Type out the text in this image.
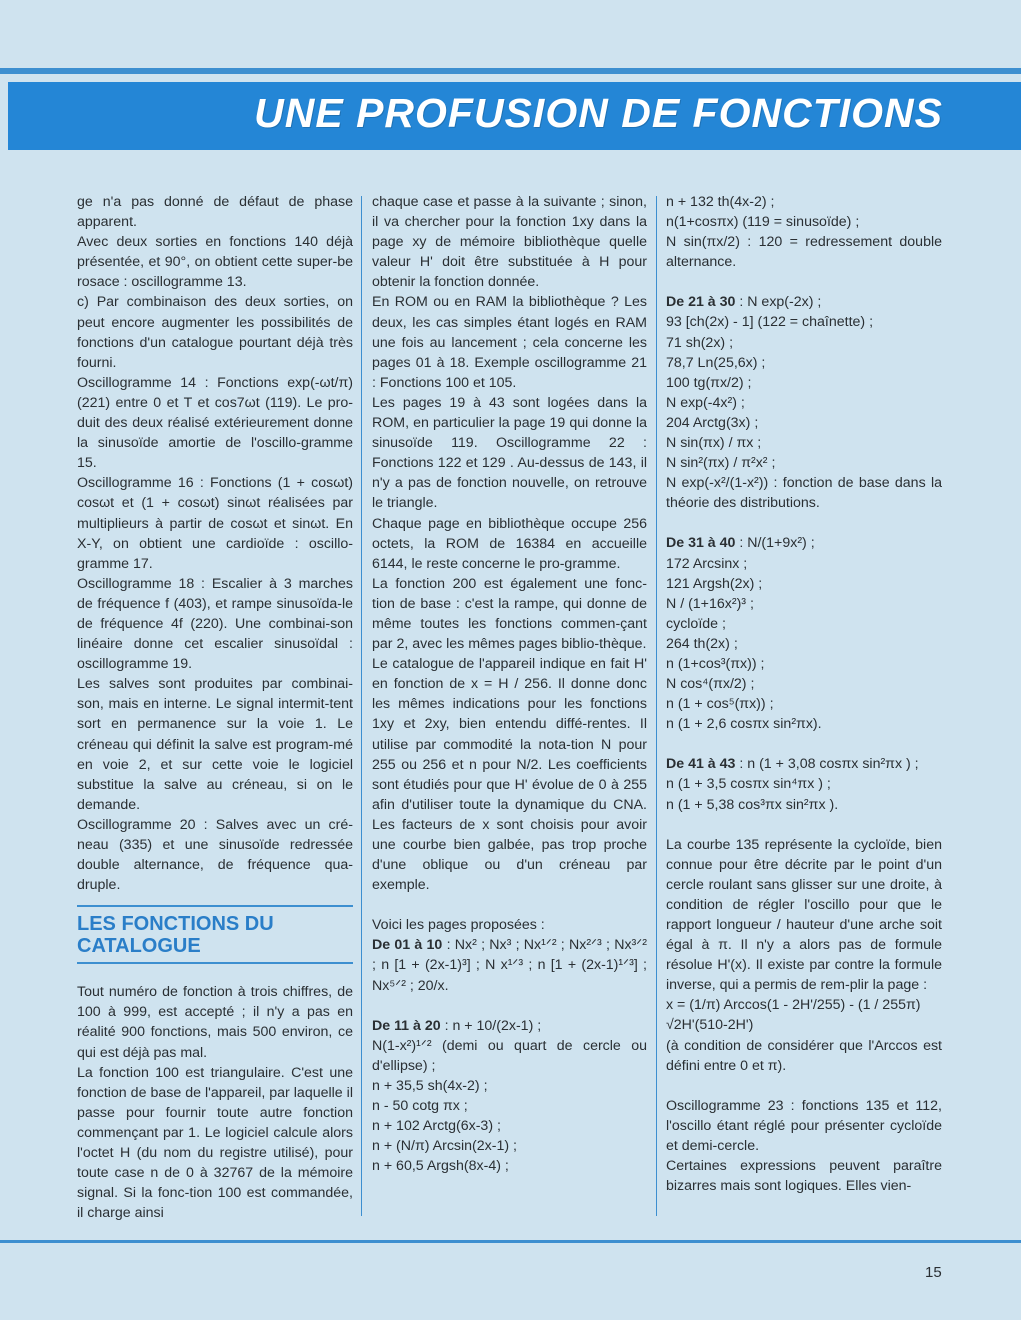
UNE PROFUSION DE FONCTIONS

ge n'a pas donné de défaut de phase apparent.

Avec deux sorties en fonctions 140 déjà présentée, et 90°, on obtient cette super-be rosace : oscillogramme 13.

c) Par combinaison des deux sorties, on peut encore augmenter les possibilités de fonctions d'un catalogue pourtant déjà très fourni.

Oscillogramme 14 : Fonctions exp(-ωt/π) (221) entre 0 et T et cos7ωt (119). Le pro-duit des deux réalisé extérieurement donne la sinusoïde amortie de l'oscillo-gramme 15.

Oscillogramme 16 : Fonctions (1 + cosωt) cosωt et (1 + cosωt) sinωt réalisées par multiplieurs à partir de cosωt et sinωt. En X-Y, on obtient une cardioïde : oscillo-gramme 17.

Oscillogramme 18 : Escalier à 3 marches de fréquence f (403), et rampe sinusoïda-le de fréquence 4f (220). Une combinai-son linéaire donne cet escalier sinusoïdal : oscillogramme 19.

Les salves sont produites par combinai-son, mais en interne. Le signal intermit-tent sort en permanence sur la voie 1. Le créneau qui définit la salve est program-mé en voie 2, et sur cette voie le logiciel substitue la salve au créneau, si on le demande.

Oscillogramme 20 : Salves avec un cré-neau (335) et une sinusoïde redressée double alternance, de fréquence qua-druple.

LES FONCTIONS DU
CATALOGUE

Tout numéro de fonction à trois chiffres, de 100 à 999, est accepté ; il n'y a pas en réalité 900 fonctions, mais 500 environ, ce qui est déjà pas mal.

La fonction 100 est triangulaire. C'est une fonction de base de l'appareil, par laquelle il passe pour fournir toute autre fonction commençant par 1. Le logiciel calcule alors l'octet H (du nom du registre utilisé), pour toute case n de 0 à 32767 de la mémoire signal. Si la fonc-tion 100 est commandée, il charge ainsi

chaque case et passe à la suivante ; sinon, il va chercher pour la fonction 1xy dans la page xy de mémoire bibliothèque quelle valeur H' doit être substituée à H pour obtenir la fonction donnée.

En ROM ou en RAM la bibliothèque ? Les deux, les cas simples étant logés en RAM une fois au lancement ; cela concerne les pages 01 à 18. Exemple oscillogramme 21 : Fonctions 100 et 105.

Les pages 19 à 43 sont logées dans la ROM, en particulier la page 19 qui donne la sinusoïde 119. Oscillogramme 22 : Fonctions 122 et 129 . Au-dessus de 143, il n'y a pas de fonction nouvelle, on retrouve le triangle.

Chaque page en bibliothèque occupe 256 octets, la ROM de 16384 en accueille 6144, le reste concerne le pro-gramme.

La fonction 200 est également une fonc-tion de base : c'est la rampe, qui donne de même toutes les fonctions commen-çant par 2, avec les mêmes pages biblio-thèque.

Le catalogue de l'appareil indique en fait H' en fonction de x = H / 256. Il donne donc les mêmes indications pour les fonctions 1xy et 2xy, bien entendu diffé-rentes. Il utilise par commodité la nota-tion N pour 255 ou 256 et n pour N/2. Les coefficients sont étudiés pour que H' évolue de 0 à 255 afin d'utiliser toute la dynamique du CNA. Les facteurs de x sont choisis pour avoir une courbe bien galbée, pas trop proche d'une oblique ou d'un créneau par exemple.

Voici les pages proposées :

De 01 à 10 : Nx² ; Nx³ ; Nx¹ᐟ² ; Nx²ᐟ³ ; Nx³ᐟ² ; n [1 + (2x-1)³] ; N x¹ᐟ³ ; n [1 + (2x-1)¹ᐟ³] ; Nx⁵ᐟ² ; 20/x.

De 11 à 20 : n + 10/(2x-1) ;

N(1-x²)¹ᐟ² (demi ou quart de cercle ou d'ellipse) ;

n + 35,5 sh(4x-2) ;

n - 50 cotg πx ;

n + 102 Arctg(6x-3) ;

n + (N/π) Arcsin(2x-1) ;

n + 60,5 Argsh(8x-4) ;

n + 132 th(4x-2) ;

n(1+cosπx) (119 = sinusoïde) ;

N sin(πx/2) : 120 = redressement double alternance.

De 21 à 30 : N exp(-2x) ;

93 [ch(2x) - 1] (122 = chaînette) ;

71 sh(2x) ;

78,7 Ln(25,6x) ;

100 tg(πx/2) ;

N exp(-4x²) ;

204 Arctg(3x) ;

N sin(πx) / πx ;

N sin²(πx) / π²x² ;

N exp(-x²/(1-x²)) : fonction de base dans la théorie des distributions.

De 31 à 40 : N/(1+9x²) ;

172 Arcsinx ;

121 Argsh(2x) ;

N / (1+16x²)³ ;

cycloïde ;

264 th(2x) ;

n (1+cos³(πx)) ;

N cos⁴(πx/2) ;

n (1 + cos⁵(πx)) ;

n (1 + 2,6 cosπx sin²πx).

De 41 à 43 : n (1 + 3,08 cosπx sin²πx ) ;

n (1 + 3,5 cosπx sin⁴πx ) ;

n (1 + 5,38 cos³πx sin²πx ).

La courbe 135 représente la cycloïde, bien connue pour être décrite par le point d'un cercle roulant sans glisser sur une droite, à condition de régler l'oscillo pour que le rapport longueur / hauteur d'une arche soit égal à π. Il n'y a alors pas de formule résolue H'(x). Il existe par contre la formule inverse, qui a permis de rem-plir la page :

x = (1/π) Arccos(1 - 2H'/255) - (1 / 255π)

√2H'(510-2H')

(à condition de considérer que l'Arccos est défini entre 0 et π).

Oscillogramme 23 : fonctions 135 et 112, l'oscillo étant réglé pour présenter cycloïde et demi-cercle.

Certaines expressions peuvent paraître bizarres mais sont logiques. Elles vien-

15
